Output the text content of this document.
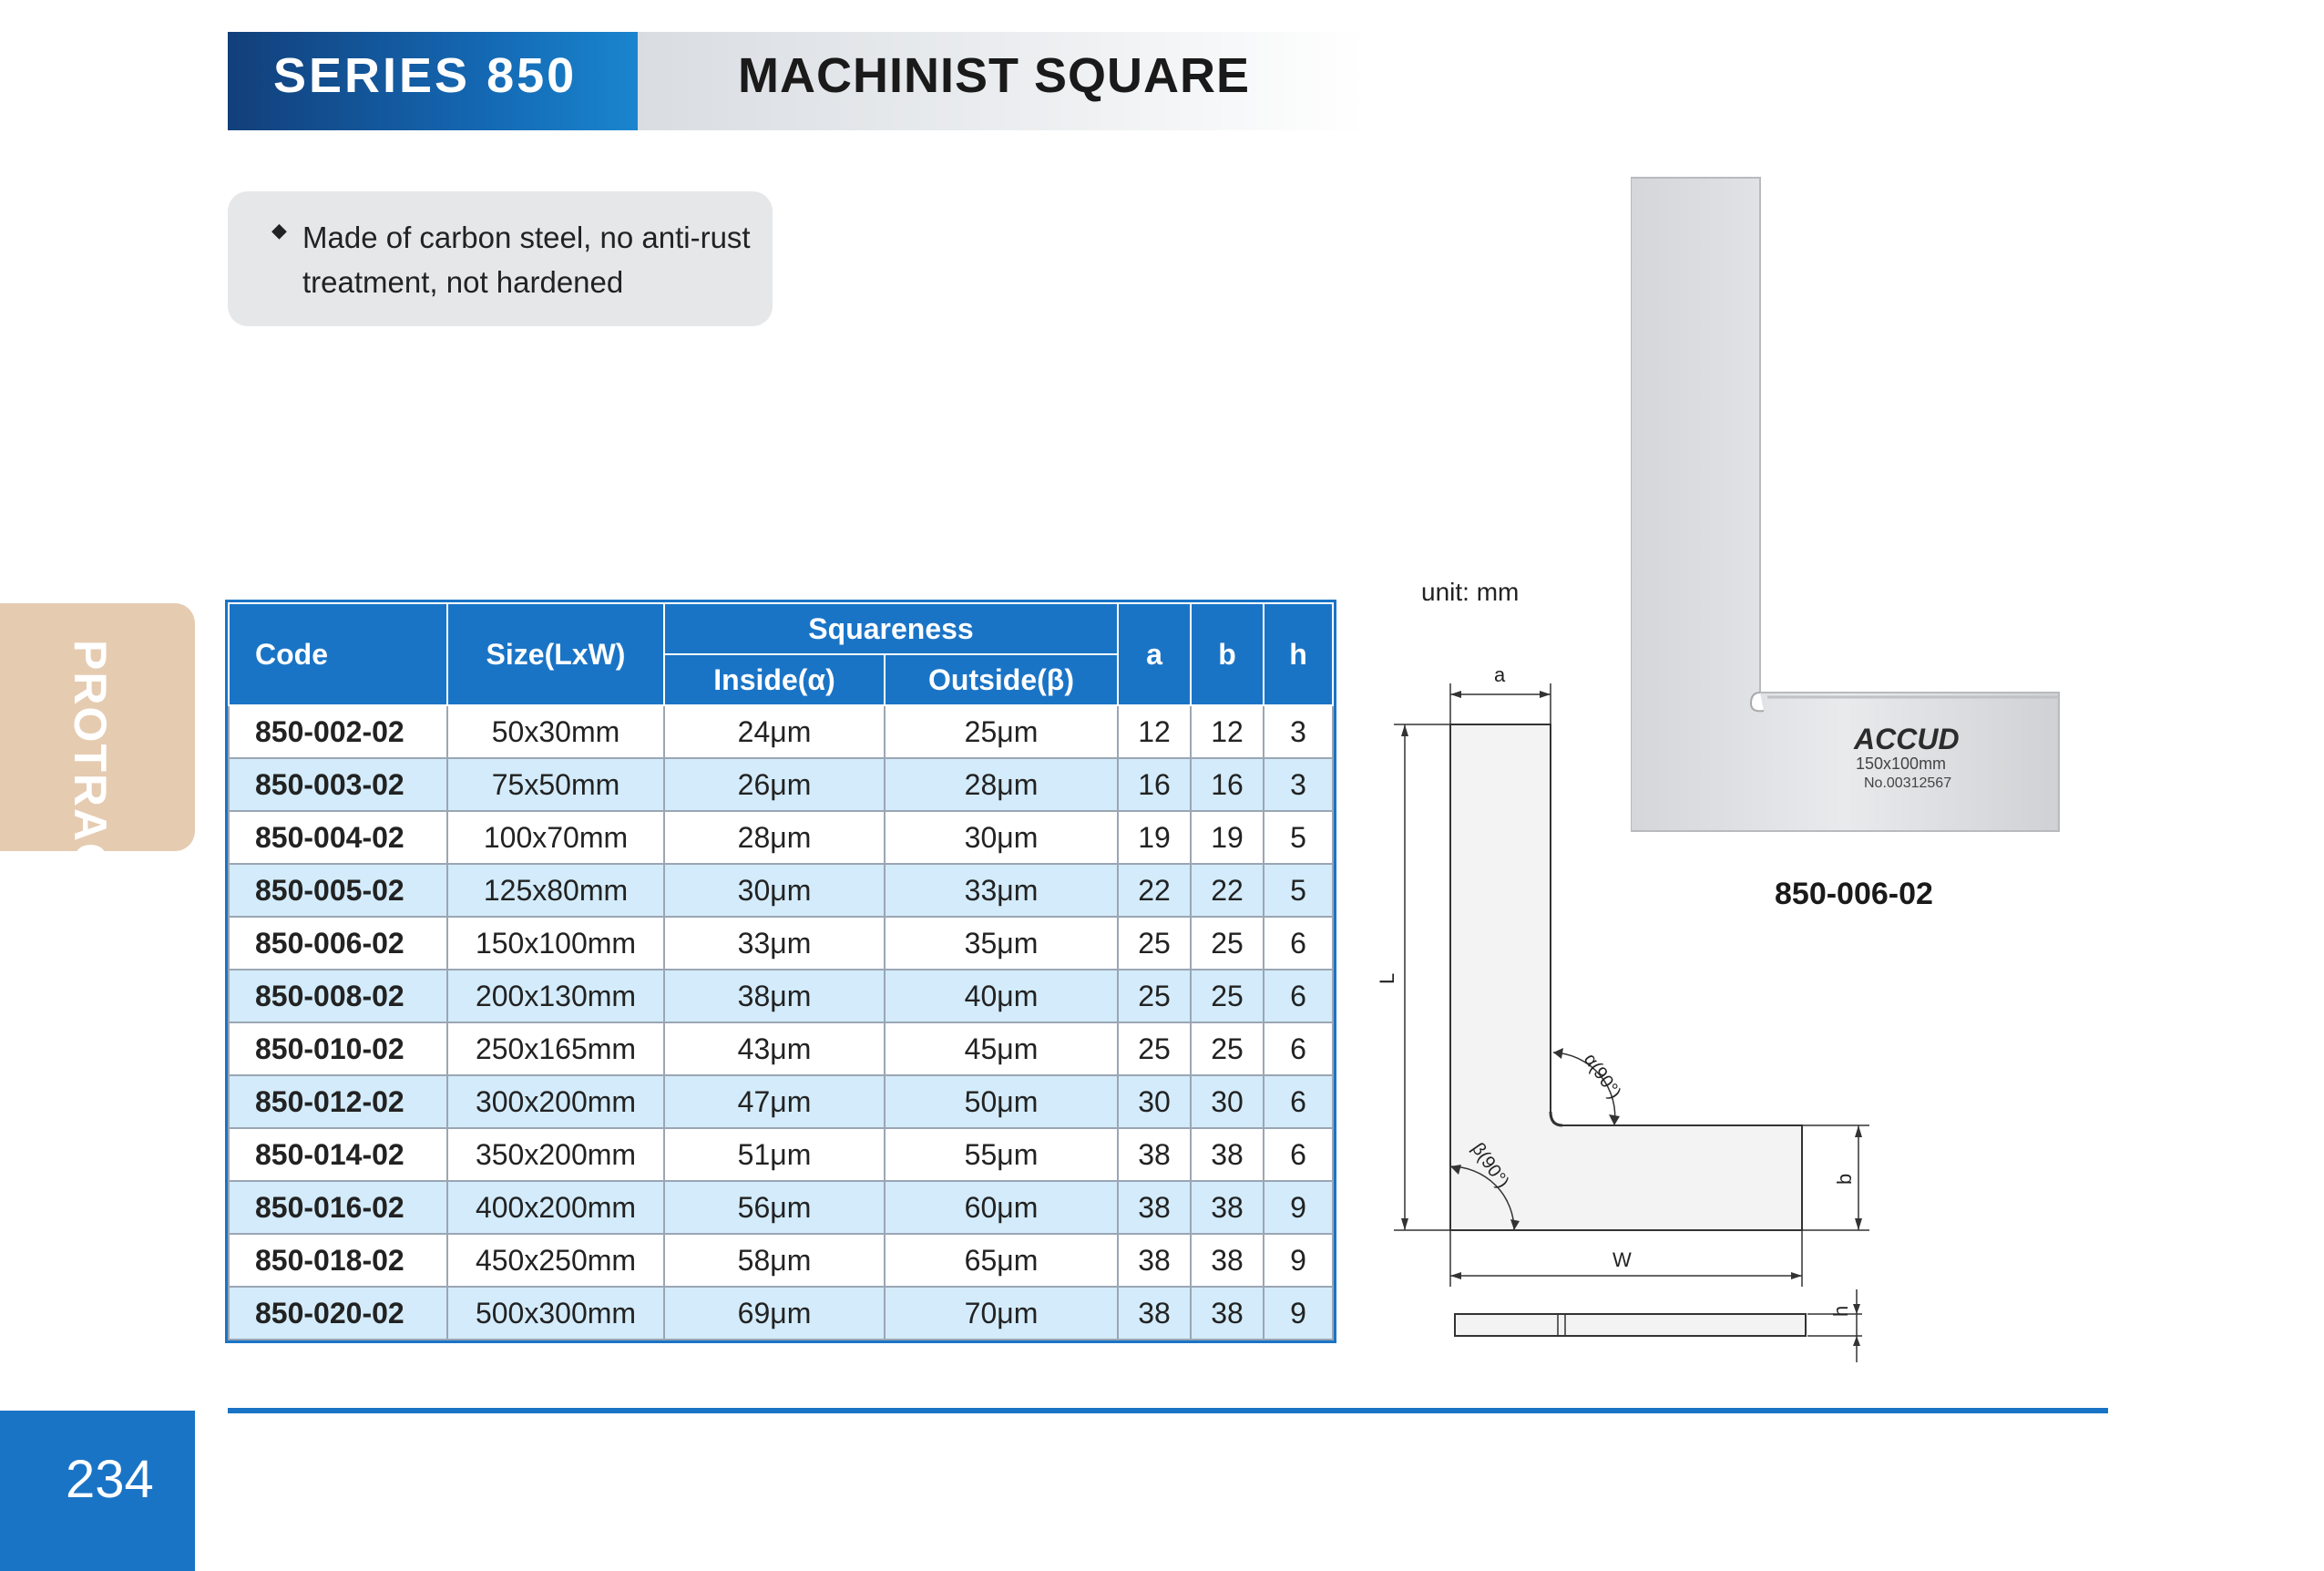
SERIES 850	MACHINIST SQUARE
◆ Made of carbon steel, no anti-rust treatment, not hardened
PROTRACTOR	Code	Size(LxW)	Squareness		a	b	h
		Inside(α)	Outside(β)			
850-002-02	50x30mm	24μm	25μm	12	12	3
850-003-02	75x50mm	26μm	28μm	16	16	3
850-004-02	100x70mm	28μm	30μm	19	19	5
850-005-02	125x80mm	30μm	33μm	22	22	5
850-006-02	150x100mm	33μm	35μm	25	25	6
850-008-02	200x130mm	38μm	40μm	25	25	6
850-010-02	250x165mm	43μm	45μm	25	25	6
850-012-02	300x200mm	47μm	50μm	30	30	6
850-014-02	350x200mm	51μm	55μm	38	38	6
850-016-02	400x200mm	56μm	60μm	38	38	9
850-018-02	450x250mm	58μm	65μm	38	38	9
850-020-02	500x300mm	69μm	70μm	38	38	9
unit: mm
a
L
b
W
α(90°)
β(90°)
h
ACCUD
150x100mm
No.00312567
850-006-02
234
